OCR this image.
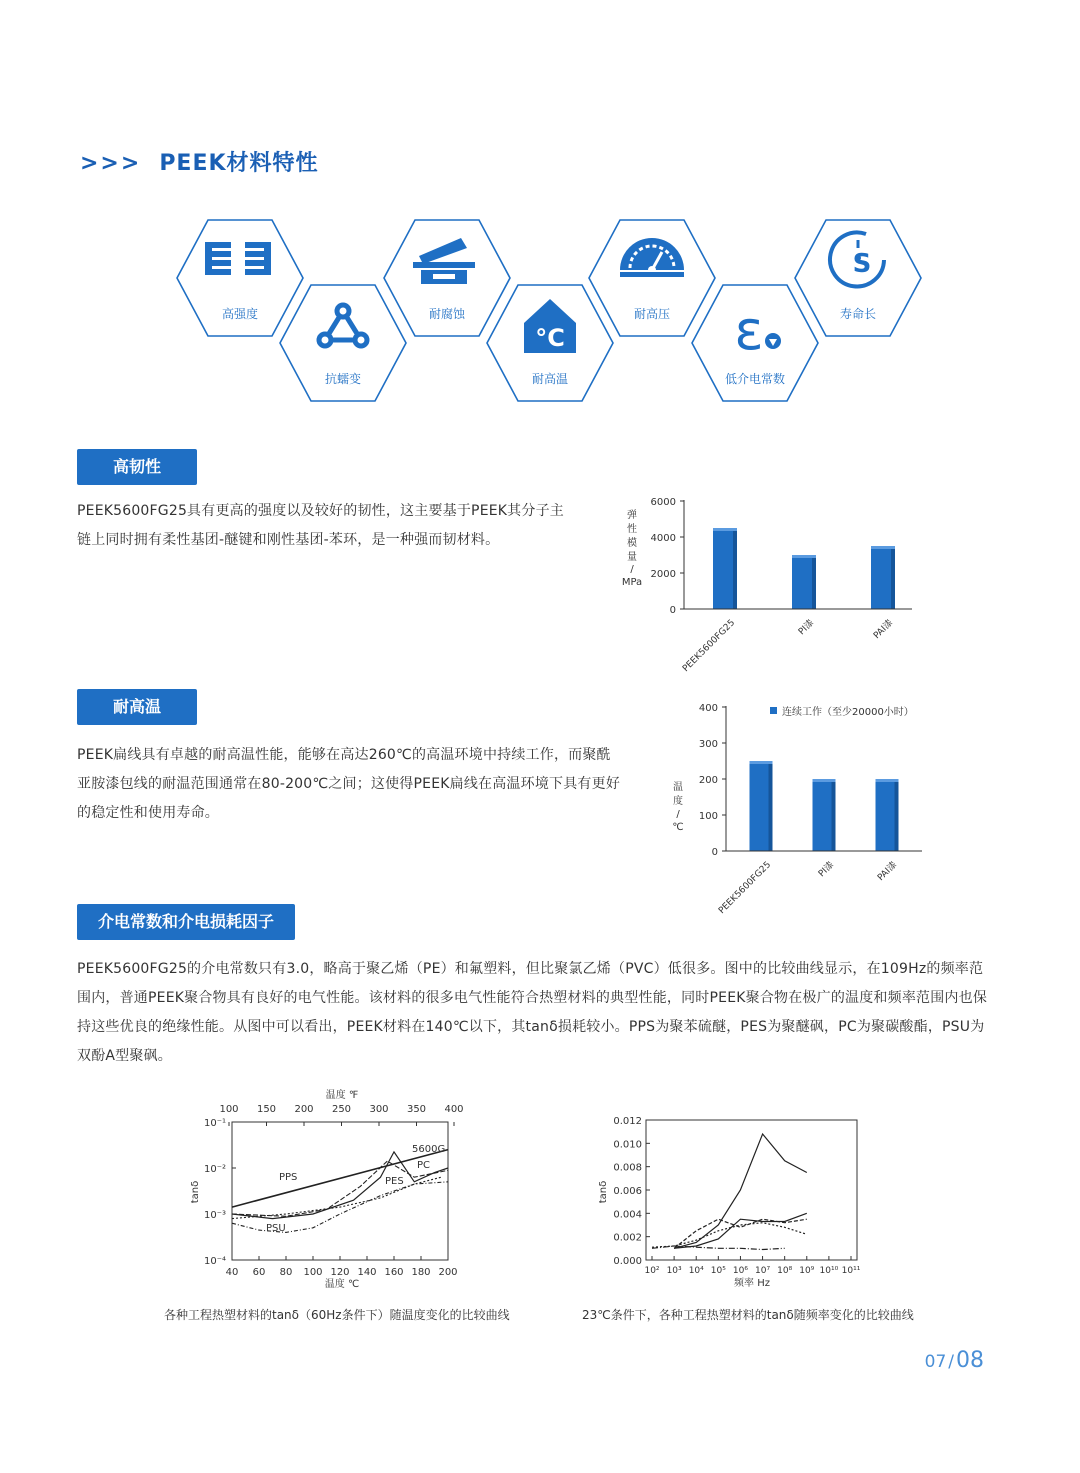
>>> PEEK材料特性
高强度
抗蠕变
耐腐蚀
°C
耐高温
耐高压 ε
低介电常数
S
寿命长
高韧性
PEEK5600FG25具有更高的强度以及较好的韧性，这主要基于PEEK其分子主链上同时拥有柔性基团-醚键和刚性基团-苯环，是一种强而韧材料。
弹
性
模
量
/
MPa
6000
4000
2000
0
PEEK5600FG25	PI漆	PAI漆
耐高温
PEEK扁线具有卓越的耐高温性能，能够在高达260℃的高温环境中持续工作，而聚酰亚胺漆包线的耐温范围通常在80-200℃之间；这使得PEEK扁线在高温环境下具有更好的稳定性和使用寿命。
温
度
/
℃
连续工作（至少20000小时）
400
300
200
100
0
PEEK5600FG25	PI漆	PAI漆
介电常数和介电损耗因子
PEEK5600FG25的介电常数只有3.0，略高于聚乙烯（PE）和氟塑料，但比聚氯乙烯（PVC）低很多。图中的比较曲线显示，在109Hz的频率范围内，普通PEEK聚合物具有良好的电气性能。该材料的很多电气性能符合热塑材料的典型性能，同时PEEK聚合物在极广的温度和频率范围内也保持这些优良的绝缘性能。从图中可以看出，PEEK材料在140℃以下，其tanδ损耗较小。PPS为聚苯硫醚，PES为聚醚砜，PC为聚碳酸酯，PSU为双酚A型聚砜。
温度 ℉
100 150 200 250 300 350 400
10⁻¹
10⁻²
10⁻³
10⁻⁴
40 60 80 100 120 140 160 180 200
温度 ℃
tanδ
5600G
PC
PPS	PES
PSU
0.012
0.010
0.008
0.006
0.004
0.002
0.000
10² 10³ 10⁴ 10⁵ 10⁶ 10⁷ 10⁸ 10⁹ 10¹⁰ 10¹¹
频率 Hz
tanδ
各种工程热塑材料的tanδ（60Hz条件下）随温度变化的比较曲线	23℃条件下，各种工程热塑材料的tanδ随频率变化的比较曲线
07 /08
